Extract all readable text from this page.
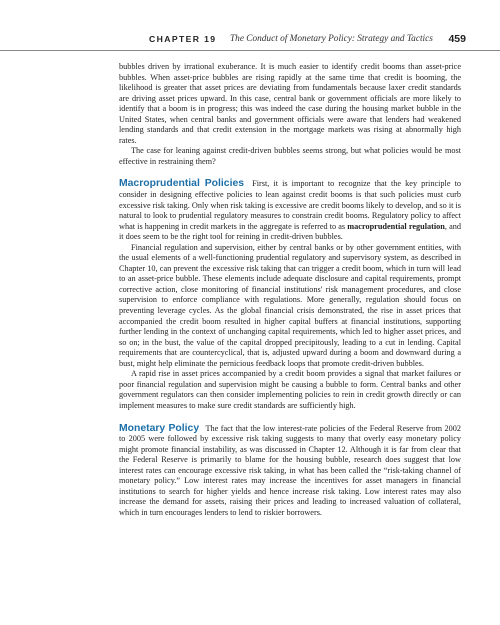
CHAPTER 19 The Conduct of Monetary Policy: Strategy and Tactics 459

bubbles driven by irrational exuberance. It is much easier to identify credit booms than asset-price bubbles. When asset-price bubbles are rising rapidly at the same time that credit is booming, the likelihood is greater that asset prices are deviating from fundamentals because laxer credit standards are driving asset prices upward. In this case, central bank or government officials are more likely to identify that a boom is in progress; this was indeed the case during the housing market bubble in the United States, when central banks and government officials were aware that lenders had weakened lending standards and that credit extension in the mortgage markets was rising at abnormally high rates.

The case for leaning against credit-driven bubbles seems strong, but what policies would be most effective in restraining them?

Macroprudential Policies First, it is important to recognize that the key principle to consider in designing effective policies to lean against credit booms is that such policies must curb excessive risk taking. Only when risk taking is excessive are credit booms likely to develop, and so it is natural to look to prudential regulatory measures to constrain credit booms. Regulatory policy to affect what is happening in credit markets in the aggregate is referred to as macroprudential regulation, and it does seem to be the right tool for reining in credit-driven bubbles.

Financial regulation and supervision, either by central banks or by other government entities, with the usual elements of a well-functioning prudential regulatory and supervisory system, as described in Chapter 10, can prevent the excessive risk taking that can trigger a credit boom, which in turn will lead to an asset-price bubble. These elements include adequate disclosure and capital requirements, prompt corrective action, close monitoring of financial institutions' risk management procedures, and close supervision to enforce compliance with regulations. More generally, regulation should focus on preventing leverage cycles. As the global financial crisis demonstrated, the rise in asset prices that accompanied the credit boom resulted in higher capital buffers at financial institutions, supporting further lending in the context of unchanging capital requirements, which led to higher asset prices, and so on; in the bust, the value of the capital dropped precipitously, leading to a cut in lending. Capital requirements that are countercyclical, that is, adjusted upward during a boom and downward during a bust, might help eliminate the pernicious feedback loops that promote credit-driven bubbles.

A rapid rise in asset prices accompanied by a credit boom provides a signal that market failures or poor financial regulation and supervision might be causing a bubble to form. Central banks and other government regulators can then consider implementing policies to rein in credit growth directly or can implement measures to make sure credit standards are sufficiently high.

Monetary Policy The fact that the low interest-rate policies of the Federal Reserve from 2002 to 2005 were followed by excessive risk taking suggests to many that overly easy monetary policy might promote financial instability, as was discussed in Chapter 12. Although it is far from clear that the Federal Reserve is primarily to blame for the housing bubble, research does suggest that low interest rates can encourage excessive risk taking, in what has been called the “risk-taking channel of monetary policy.” Low interest rates may increase the incentives for asset managers in financial institutions to search for higher yields and hence increase risk taking. Low interest rates may also increase the demand for assets, raising their prices and leading to increased valuation of collateral, which in turn encourages lenders to lend to riskier borrowers.
